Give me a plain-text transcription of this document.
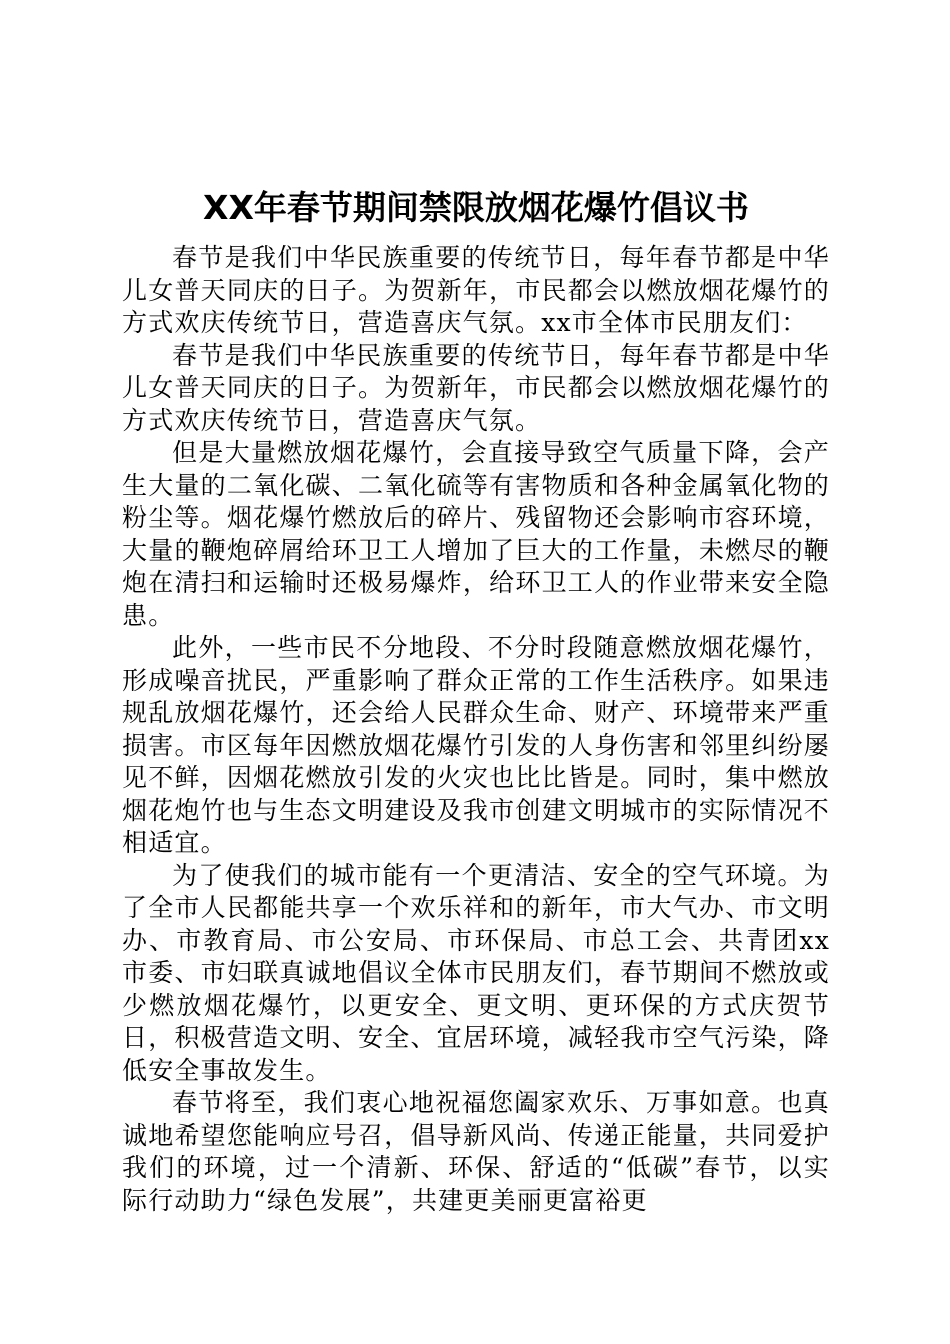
XX年春节期间禁限放烟花爆竹倡议书

春节是我们中华民族重要的传统节日，每年春节都是中华儿女普天同庆的日子。为贺新年，市民都会以燃放烟花爆竹的方式欢庆传统节日，营造喜庆气氛。xx市全体市民朋友们：

春节是我们中华民族重要的传统节日，每年春节都是中华儿女普天同庆的日子。为贺新年，市民都会以燃放烟花爆竹的方式欢庆传统节日，营造喜庆气氛。

但是大量燃放烟花爆竹，会直接导致空气质量下降，会产生大量的二氧化碳、二氧化硫等有害物质和各种金属氧化物的粉尘等。烟花爆竹燃放后的碎片、残留物还会影响市容环境，大量的鞭炮碎屑给环卫工人增加了巨大的工作量，未燃尽的鞭炮在清扫和运输时还极易爆炸，给环卫工人的作业带来安全隐患。

此外，一些市民不分地段、不分时段随意燃放烟花爆竹，形成噪音扰民，严重影响了群众正常的工作生活秩序。如果违规乱放烟花爆竹，还会给人民群众生命、财产、环境带来严重损害。市区每年因燃放烟花爆竹引发的人身伤害和邻里纠纷屡见不鲜，因烟花燃放引发的火灾也比比皆是。同时，集中燃放烟花炮竹也与生态文明建设及我市创建文明城市的实际情况不相适宜。

为了使我们的城市能有一个更清洁、安全的空气环境。为了全市人民都能共享一个欢乐祥和的新年，市大气办、市文明办、市教育局、市公安局、市环保局、市总工会、共青团xx市委、市妇联真诚地倡议全体市民朋友们，春节期间不燃放或少燃放烟花爆竹，以更安全、更文明、更环保的方式庆贺节日，积极营造文明、安全、宜居环境，减轻我市空气污染，降低安全事故发生。

春节将至，我们衷心地祝福您阖家欢乐、万事如意。也真诚地希望您能响应号召，倡导新风尚、传递正能量，共同爱护我们的环境，过一个清新、环保、舒适的“低碳”春节，以实际行动助力“绿色发展”，共建更美丽更富裕更
